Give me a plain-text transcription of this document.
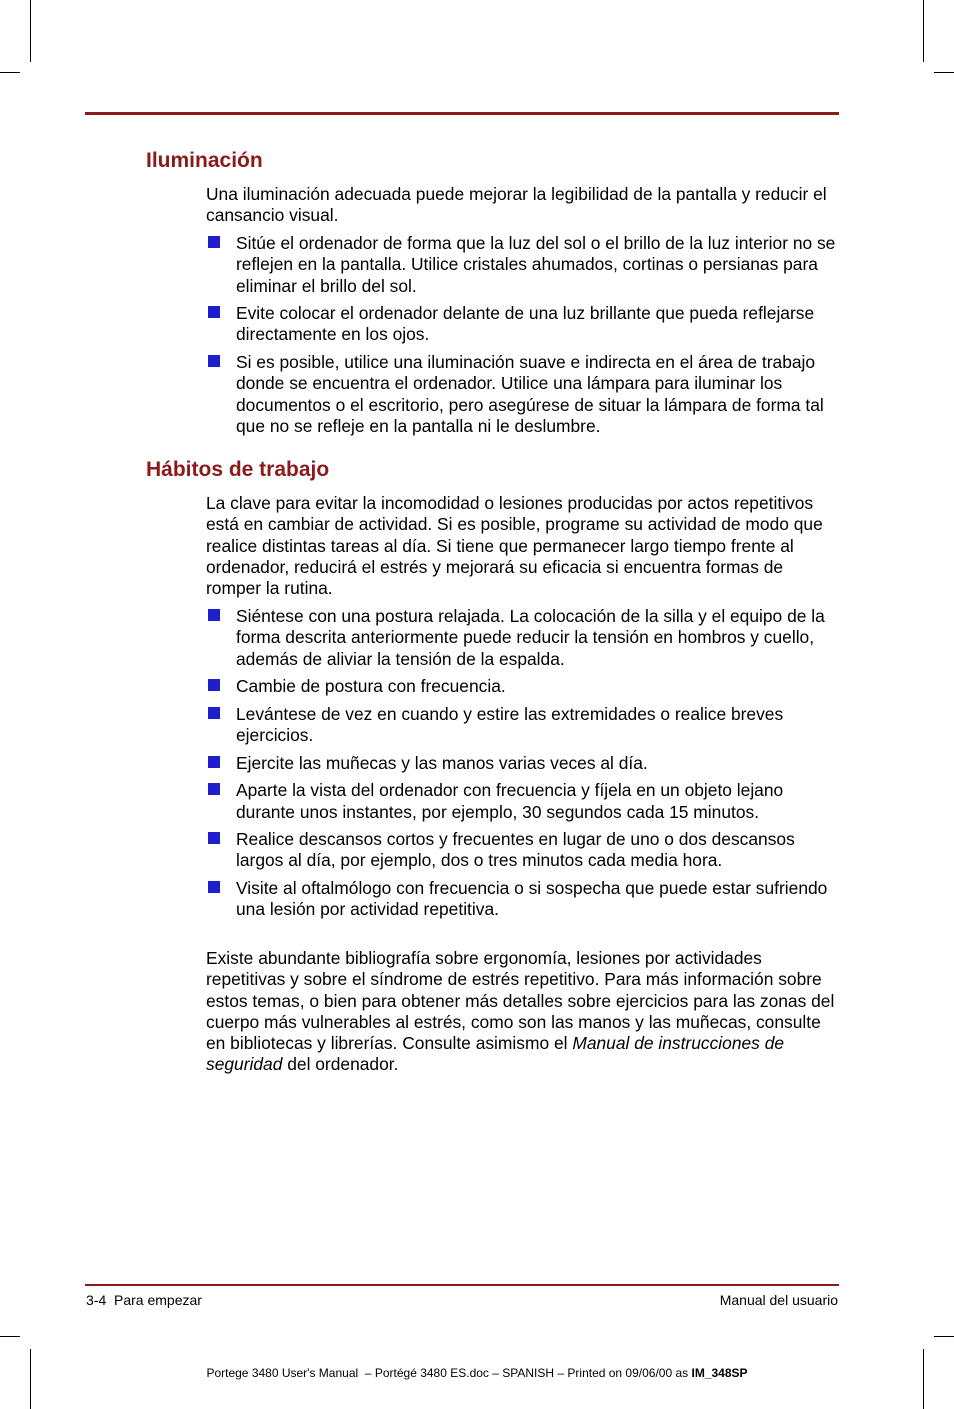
Iluminación

Una iluminación adecuada puede mejorar la legibilidad de la pantalla y reducir el cansancio visual.

Sitúe el ordenador de forma que la luz del sol o el brillo de la luz interior no se reflejen en la pantalla. Utilice cristales ahumados, cortinas o persianas para eliminar el brillo del sol.
Evite colocar el ordenador delante de una luz brillante que pueda reflejarse directamente en los ojos.
Si es posible, utilice una iluminación suave e indirecta en el área de trabajo donde se encuentra el ordenador. Utilice una lámpara para iluminar los documentos o el escritorio, pero asegúrese de situar la lámpara de forma tal que no se refleje en la pantalla ni le deslumbre.
Hábitos de trabajo

La clave para evitar la incomodidad o lesiones producidas por actos repetitivos está en cambiar de actividad. Si es posible, programe su actividad de modo que realice distintas tareas al día. Si tiene que permanecer largo tiempo frente al ordenador, reducirá el estrés y mejorará su eficacia si encuentra formas de romper la rutina.

Siéntese con una postura relajada. La colocación de la silla y el equipo de la forma descrita anteriormente puede reducir la tensión en hombros y cuello, además de aliviar la tensión de la espalda.
Cambie de postura con frecuencia.
Levántese de vez en cuando y estire las extremidades o realice breves ejercicios.
Ejercite las muñecas y las manos varias veces al día.
Aparte la vista del ordenador con frecuencia y fíjela en un objeto lejano durante unos instantes, por ejemplo, 30 segundos cada 15 minutos.
Realice descansos cortos y frecuentes en lugar de uno o dos descansos largos al día, por ejemplo, dos o tres minutos cada media hora.
Visite al oftalmólogo con frecuencia o si sospecha que puede estar sufriendo una lesión por actividad repetitiva.

Existe abundante bibliografía sobre ergonomía, lesiones por actividades repetitivas y sobre el síndrome de estrés repetitivo. Para más información sobre estos temas, o bien para obtener más detalles sobre ejercicios para las zonas del cuerpo más vulnerables al estrés, como son las manos y las muñecas, consulte en bibliotecas y librerías. Consulte asimismo el Manual de instrucciones de seguridad del ordenador.

3-4  Para empezar	Manual del usuario
Portege 3480 User's Manual  – Portégé 3480 ES.doc – SPANISH – Printed on 09/06/00 as IM_348SP
